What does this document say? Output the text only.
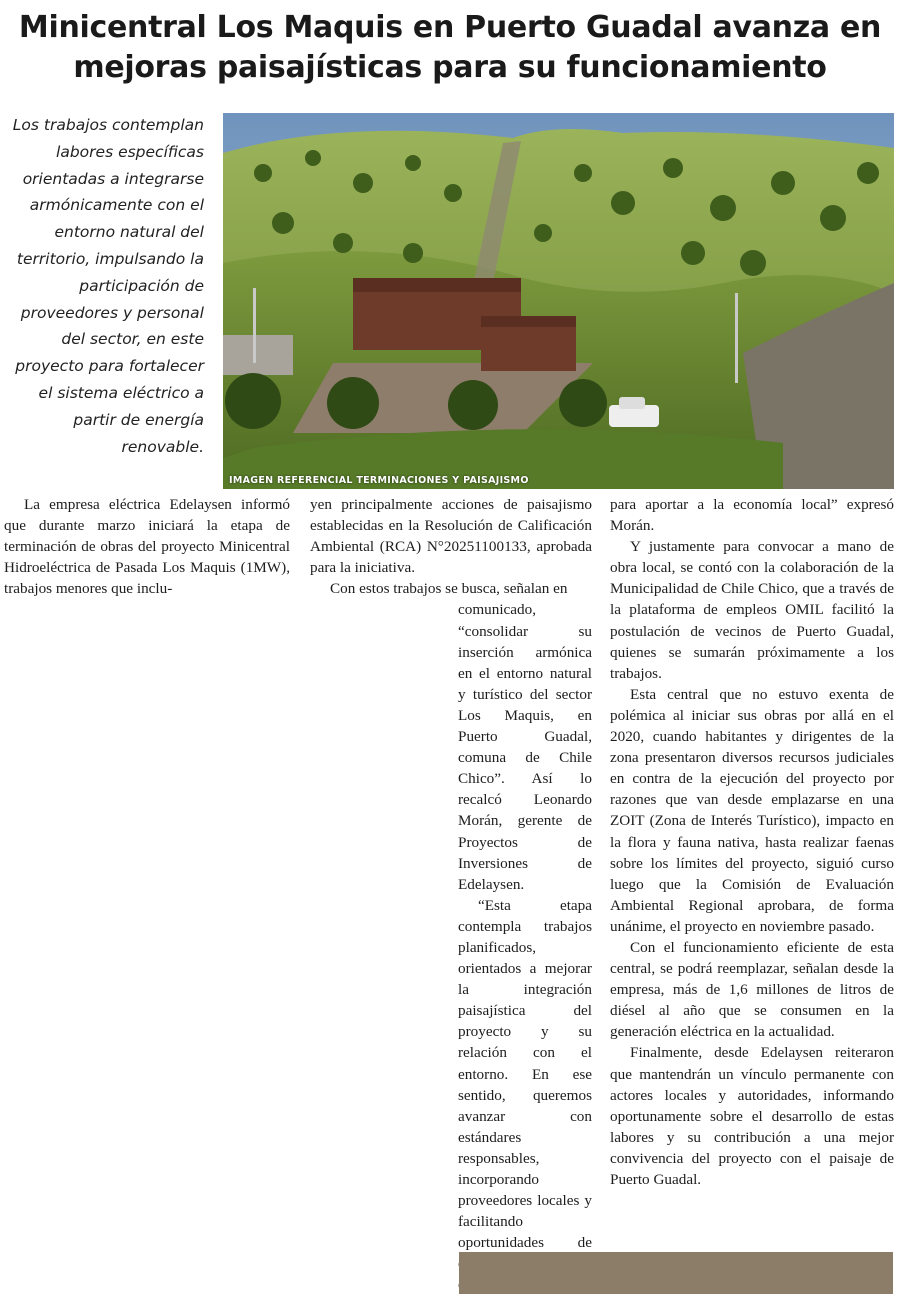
Minicentral Los Maquis en Puerto Guadal avanza en mejoras paisajísticas para su funcionamiento

Los trabajos contemplan labores específicas orientadas a integrarse armónicamente con el entorno natural del territorio, impulsando la participación de proveedores y personal del sector, en este proyecto para fortalecer el sistema eléctrico a partir de energía renovable.

IMAGEN REFERENCIAL TERMINACIONES Y PAISAJISMO

La empresa eléctrica Edelaysen informó que durante marzo iniciará la etapa de terminación de obras del proyecto Minicentral Hidroeléctrica de Pasada Los Maquis (1MW), trabajos menores que inclu-

yen principalmente acciones de paisajismo establecidas en la Resolución de Calificación Ambiental (RCA) N°20251100133, aprobada para la iniciativa.

Con estos trabajos se busca, señalan en

comunicado, “consolidar su inserción armónica en el entorno natural y turístico del sector Los Maquis, en Puerto Guadal, comuna de Chile Chico”. Así lo recalcó Leonardo Morán, gerente de Proyectos de Inversiones de Edelaysen.

“Esta etapa contempla trabajos planificados, orientados a mejorar la integración paisajística del proyecto y su relación con el entorno. En ese sentido, queremos avanzar con estándares responsables, incorporando proveedores locales y facilitando oportunidades de

para aportar a la economía local” expresó Morán.

Y justamente para convocar a mano de obra local, se contó con la colaboración de la Municipalidad de Chile Chico, que a través de la plataforma de empleos OMIL facilitó la postulación de vecinos de Puerto Guadal, quienes se sumarán próximamente a los trabajos.

Esta central que no estuvo exenta de polémica al iniciar sus obras por allá en el 2020, cuando habitantes y dirigentes de la zona presentaron diversos recursos judiciales en contra de la ejecución del proyecto por razones que van desde emplazarse en una ZOIT (Zona de Interés Turístico), impacto en la flora y fauna nativa, hasta realizar faenas sobre los límites del proyecto, siguió curso luego que la Comisión de Evaluación Ambiental Regional aprobara, de forma unánime, el proyecto en noviembre pasado.

Con el funcionamiento eficiente de esta central, se podrá reemplazar, señalan desde la empresa, más de 1,6 millones de litros de diésel al año que se consumen en la generación eléctrica en la actualidad.

Finalmente, desde Edelaysen reiteraron que mantendrán un vínculo permanente con actores locales y autoridades, informando oportunamente sobre el desarrollo de estas labores y su contribución a una mejor convivencia del proyecto con el paisaje de Puerto Guadal.
